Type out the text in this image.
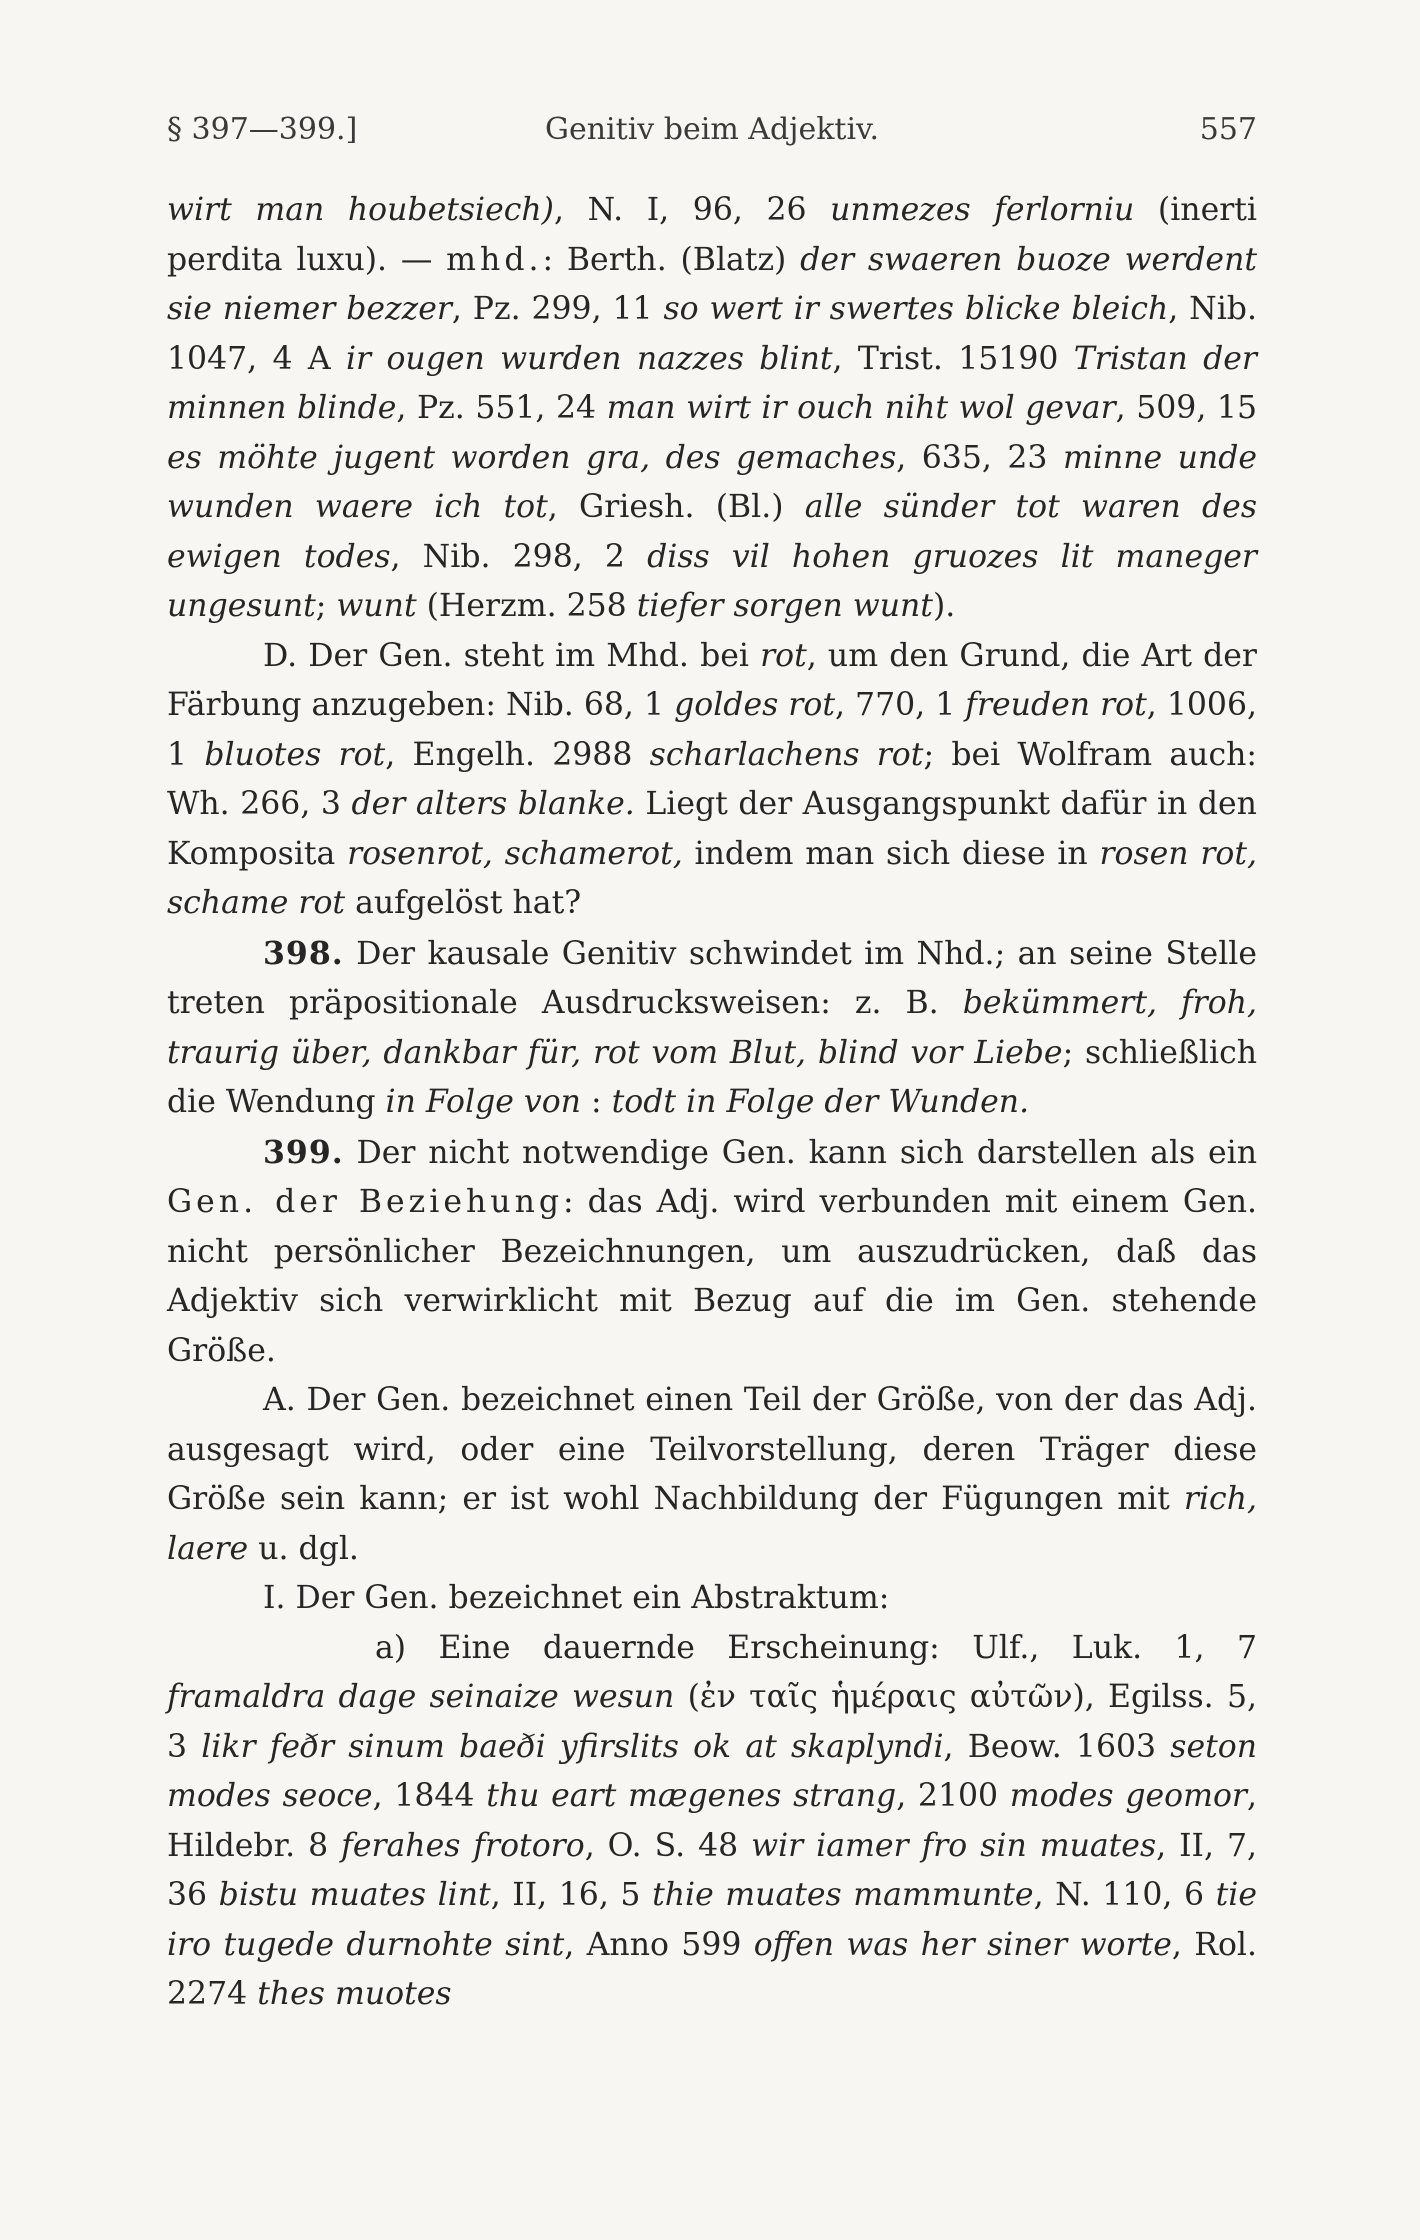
§ 397—399.]	Genitiv beim Adjektiv.	557

wirt man houbetsiech), N. I, 96, 26 unmezes ferlorniu (inerti perdita luxu). — mhd.: Berth. (Blatz) der swaeren buoze werdent sie niemer bezzer, Pz. 299, 11 so wert ir swertes blicke bleich, Nib. 1047, 4 A ir ougen wurden nazzes blint, Trist. 15190 Tristan der minnen blinde, Pz. 551, 24 man wirt ir ouch niht wol gevar, 509, 15 es möhte jugent worden gra, des gemaches, 635, 23 minne unde wunden waere ich tot, Griesh. (Bl.) alle sünder tot waren des ewigen todes, Nib. 298, 2 diss vil hohen gruozes lit maneger ungesunt; wunt (Herzm. 258 tiefer sorgen wunt).

D. Der Gen. steht im Mhd. bei rot, um den Grund, die Art der Färbung anzugeben: Nib. 68, 1 goldes rot, 770, 1 freuden rot, 1006, 1 bluotes rot, Engelh. 2988 scharlachens rot; bei Wolfram auch: Wh. 266, 3 der alters blanke. Liegt der Ausgangspunkt dafür in den Komposita rosenrot, schamerot, indem man sich diese in rosen rot, schame rot aufgelöst hat?

398. Der kausale Genitiv schwindet im Nhd.; an seine Stelle treten präpositionale Ausdrucksweisen: z. B. bekümmert, froh, traurig über, dankbar für, rot vom Blut, blind vor Liebe; schließlich die Wendung in Folge von : todt in Folge der Wunden.

399. Der nicht notwendige Gen. kann sich darstellen als ein Gen. der Beziehung: das Adj. wird verbunden mit einem Gen. nicht persönlicher Bezeichnungen, um auszudrücken, daß das Adjektiv sich verwirklicht mit Bezug auf die im Gen. stehende Größe.

A. Der Gen. bezeichnet einen Teil der Größe, von der das Adj. ausgesagt wird, oder eine Teilvorstellung, deren Träger diese Größe sein kann; er ist wohl Nachbildung der Fügungen mit rich, laere u. dgl.

I. Der Gen. bezeichnet ein Abstraktum:

a) Eine dauernde Erscheinung: Ulf., Luk. 1, 7 framaldra dage seinaize wesun (ἐν ταῖς ἡμέραις αὐτῶν), Egilss. 5, 3 likr feðr sinum baeði yfirslits ok at skaplyndi, Beow. 1603 seton modes seoce, 1844 thu eart mægenes strang, 2100 modes geomor, Hildebr. 8 ferahes frotoro, O. S. 48 wir iamer fro sin muates, II, 7, 36 bistu muates lint, II, 16, 5 thie muates mammunte, N. 110, 6 tie iro tugede durnohte sint, Anno 599 offen was her siner worte, Rol. 2274 thes muotes
